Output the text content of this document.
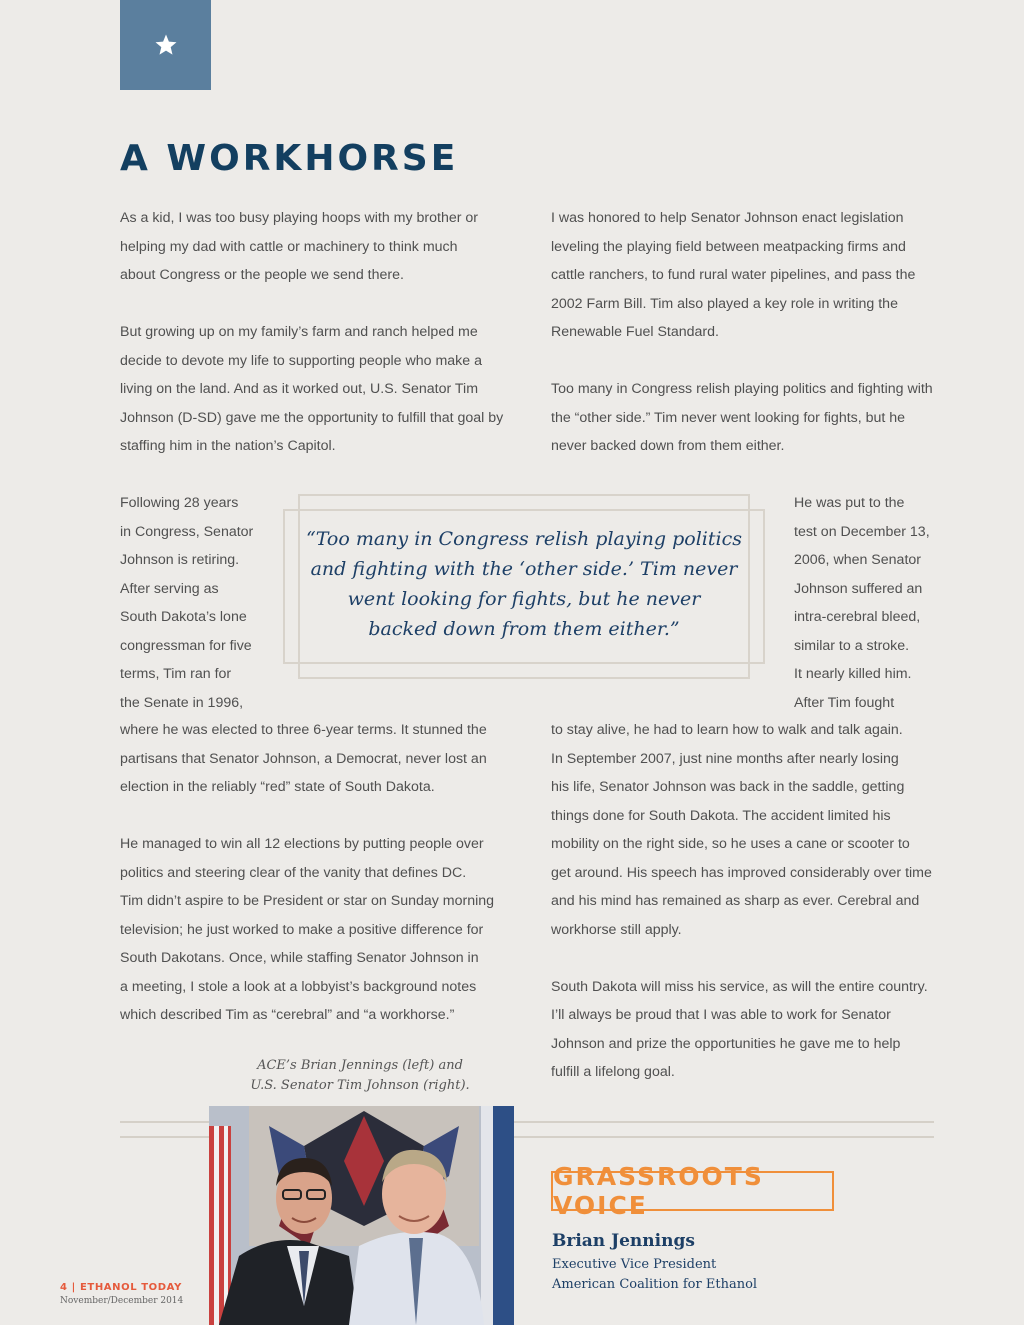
A WORKHORSE

As a kid, I was too busy playing hoops with my brother or
helping my dad with cattle or machinery to think much
about Congress or the people we send there.

But growing up on my family’s farm and ranch helped me
decide to devote my life to supporting people who make a
living on the land. And as it worked out, U.S. Senator Tim
Johnson (D-SD) gave me the opportunity to fulfill that goal by
staffing him in the nation’s Capitol.

I was honored to help Senator Johnson enact legislation
leveling the playing field between meatpacking firms and
cattle ranchers, to fund rural water pipelines, and pass the
2002 Farm Bill. Tim also played a key role in writing the
Renewable Fuel Standard.

Too many in Congress relish playing politics and fighting with
the “other side.” Tim never went looking for fights, but he
never backed down from them either.

Following 28 years
in Congress, Senator
Johnson is retiring.
After serving as
South Dakota’s lone
congressman for five
terms, Tim ran for
the Senate in 1996,
“Too many in Congress relish playing politics
and fighting with the ‘other side.’ Tim never
went looking for fights, but he never
backed down from them either.”
He was put to the
test on December 13,
2006, when Senator
Johnson suffered an
intra-cerebral bleed,
similar to a stroke.
It nearly killed him.
After Tim fought

where he was elected to three 6-year terms. It stunned the
partisans that Senator Johnson, a Democrat, never lost an
election in the reliably “red” state of South Dakota.

He managed to win all 12 elections by putting people over
politics and steering clear of the vanity that defines DC.
Tim didn’t aspire to be President or star on Sunday morning
television; he just worked to make a positive difference for
South Dakotans. Once, while staffing Senator Johnson in
a meeting, I stole a look at a lobbyist’s background notes
which described Tim as “cerebral” and “a workhorse.”

to stay alive, he had to learn how to walk and talk again.
In September 2007, just nine months after nearly losing
his life, Senator Johnson was back in the saddle, getting
things done for South Dakota. The accident limited his
mobility on the right side, so he uses a cane or scooter to
get around. His speech has improved considerably over time
and his mind has remained as sharp as ever. Cerebral and
workhorse still apply.

South Dakota will miss his service, as will the entire country.
I’ll always be proud that I was able to work for Senator
Johnson and prize the opportunities he gave me to help
fulfill a lifelong goal.

ACE’s Brian Jennings (left) and
U.S. Senator Tim Johnson (right).
GRASSROOTS VOICE
Brian Jennings
Executive Vice President
American Coalition for Ethanol
4 | ETHANOL TODAY
November/December 2014
